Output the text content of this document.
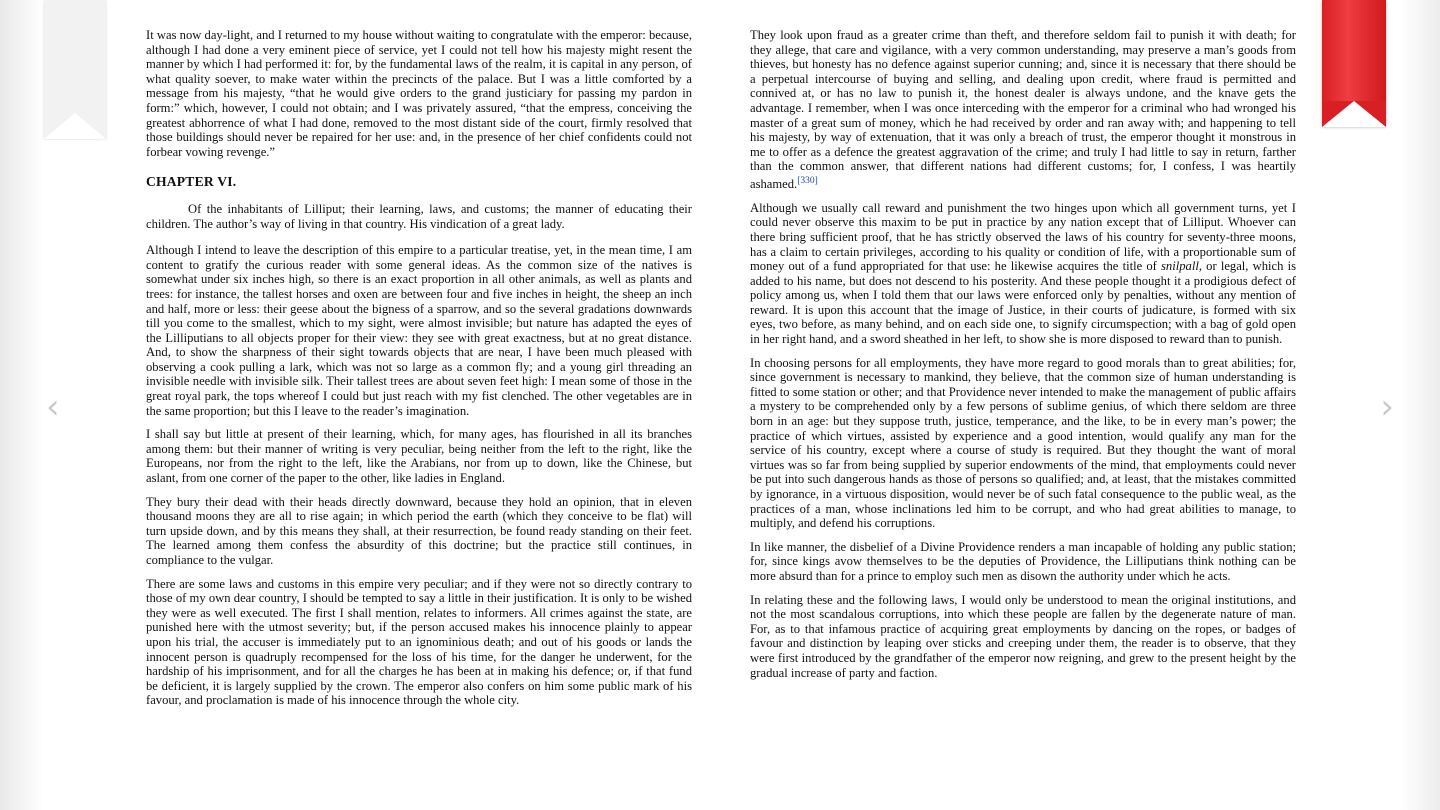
‹	›

It was now day-light, and I returned to my house without waiting to congratulate with the emperor: because, although I had done a very eminent piece of service, yet I could not tell how his majesty might resent the manner by which I had performed it: for, by the fundamental laws of the realm, it is capital in any person, of what quality soever, to make water within the precincts of the palace. But I was a little comforted by a message from his majesty, “that he would give orders to the grand justiciary for passing my pardon in form:” which, however, I could not obtain; and I was privately assured, “that the empress, conceiving the greatest abhorrence of what I had done, removed to the most distant side of the court, firmly resolved that those buildings should never be repaired for her use: and, in the presence of her chief confidents could not forbear vowing revenge.”

CHAPTER VI.

Of the inhabitants of Lilliput; their learning, laws, and customs; the manner of educating their children. The author’s way of living in that country. His vindication of a great lady.

Although I intend to leave the description of this empire to a particular treatise, yet, in the mean time, I am content to gratify the curious reader with some general ideas. As the common size of the natives is somewhat under six inches high, so there is an exact proportion in all other animals, as well as plants and trees: for instance, the tallest horses and oxen are between four and five inches in height, the sheep an inch and half, more or less: their geese about the bigness of a sparrow, and so the several gradations downwards till you come to the smallest, which to my sight, were almost invisible; but nature has adapted the eyes of the Lilliputians to all objects proper for their view: they see with great exactness, but at no great distance. And, to show the sharpness of their sight towards objects that are near, I have been much pleased with observing a cook pulling a lark, which was not so large as a common fly; and a young girl threading an invisible needle with invisible silk. Their tallest trees are about seven feet high: I mean some of those in the great royal park, the tops whereof I could but just reach with my fist clenched. The other vegetables are in the same proportion; but this I leave to the reader’s imagination.

I shall say but little at present of their learning, which, for many ages, has flourished in all its branches among them: but their manner of writing is very peculiar, being neither from the left to the right, like the Europeans, nor from the right to the left, like the Arabians, nor from up to down, like the Chinese, but aslant, from one corner of the paper to the other, like ladies in England.

They bury their dead with their heads directly downward, because they hold an opinion, that in eleven thousand moons they are all to rise again; in which period the earth (which they conceive to be flat) will turn upside down, and by this means they shall, at their resurrection, be found ready standing on their feet. The learned among them confess the absurdity of this doctrine; but the practice still continues, in compliance to the vulgar.

There are some laws and customs in this empire very peculiar; and if they were not so directly contrary to those of my own dear country, I should be tempted to say a little in their justification. It is only to be wished they were as well executed. The first I shall mention, relates to informers. All crimes against the state, are punished here with the utmost severity; but, if the person accused makes his innocence plainly to appear upon his trial, the accuser is immediately put to an ignominious death; and out of his goods or lands the innocent person is quadruply recompensed for the loss of his time, for the danger he underwent, for the hardship of his imprisonment, and for all the charges he has been at in making his defence; or, if that fund be deficient, it is largely supplied by the crown. The emperor also confers on him some public mark of his favour, and proclamation is made of his innocence through the whole city.

They look upon fraud as a greater crime than theft, and therefore seldom fail to punish it with death; for they allege, that care and vigilance, with a very common understanding, may preserve a man’s goods from thieves, but honesty has no defence against superior cunning; and, since it is necessary that there should be a perpetual intercourse of buying and selling, and dealing upon credit, where fraud is permitted and connived at, or has no law to punish it, the honest dealer is always undone, and the knave gets the advantage. I remember, when I was once interceding with the emperor for a criminal who had wronged his master of a great sum of money, which he had received by order and ran away with; and happening to tell his majesty, by way of extenuation, that it was only a breach of trust, the emperor thought it monstrous in me to offer as a defence the greatest aggravation of the crime; and truly I had little to say in return, farther than the common answer, that different nations had different customs; for, I confess, I was heartily ashamed.[330]

Although we usually call reward and punishment the two hinges upon which all government turns, yet I could never observe this maxim to be put in practice by any nation except that of Lilliput. Whoever can there bring sufficient proof, that he has strictly observed the laws of his country for seventy-three moons, has a claim to certain privileges, according to his quality or condition of life, with a proportionable sum of money out of a fund appropriated for that use: he likewise acquires the title of snilpall, or legal, which is added to his name, but does not descend to his posterity. And these people thought it a prodigious defect of policy among us, when I told them that our laws were enforced only by penalties, without any mention of reward. It is upon this account that the image of Justice, in their courts of judicature, is formed with six eyes, two before, as many behind, and on each side one, to signify circumspection; with a bag of gold open in her right hand, and a sword sheathed in her left, to show she is more disposed to reward than to punish.

In choosing persons for all employments, they have more regard to good morals than to great abilities; for, since government is necessary to mankind, they believe, that the common size of human understanding is fitted to some station or other; and that Providence never intended to make the management of public affairs a mystery to be comprehended only by a few persons of sublime genius, of which there seldom are three born in an age: but they suppose truth, justice, temperance, and the like, to be in every man’s power; the practice of which virtues, assisted by experience and a good intention, would qualify any man for the service of his country, except where a course of study is required. But they thought the want of moral virtues was so far from being supplied by superior endowments of the mind, that employments could never be put into such dangerous hands as those of persons so qualified; and, at least, that the mistakes committed by ignorance, in a virtuous disposition, would never be of such fatal consequence to the public weal, as the practices of a man, whose inclinations led him to be corrupt, and who had great abilities to manage, to multiply, and defend his corruptions.

In like manner, the disbelief of a Divine Providence renders a man incapable of holding any public station; for, since kings avow themselves to be the deputies of Providence, the Lilliputians think nothing can be more absurd than for a prince to employ such men as disown the authority under which he acts.

In relating these and the following laws, I would only be understood to mean the original institutions, and not the most scandalous corruptions, into which these people are fallen by the degenerate nature of man. For, as to that infamous practice of acquiring great employments by dancing on the ropes, or badges of favour and distinction by leaping over sticks and creeping under them, the reader is to observe, that they were first introduced by the grandfather of the emperor now reigning, and grew to the present height by the gradual increase of party and faction.
